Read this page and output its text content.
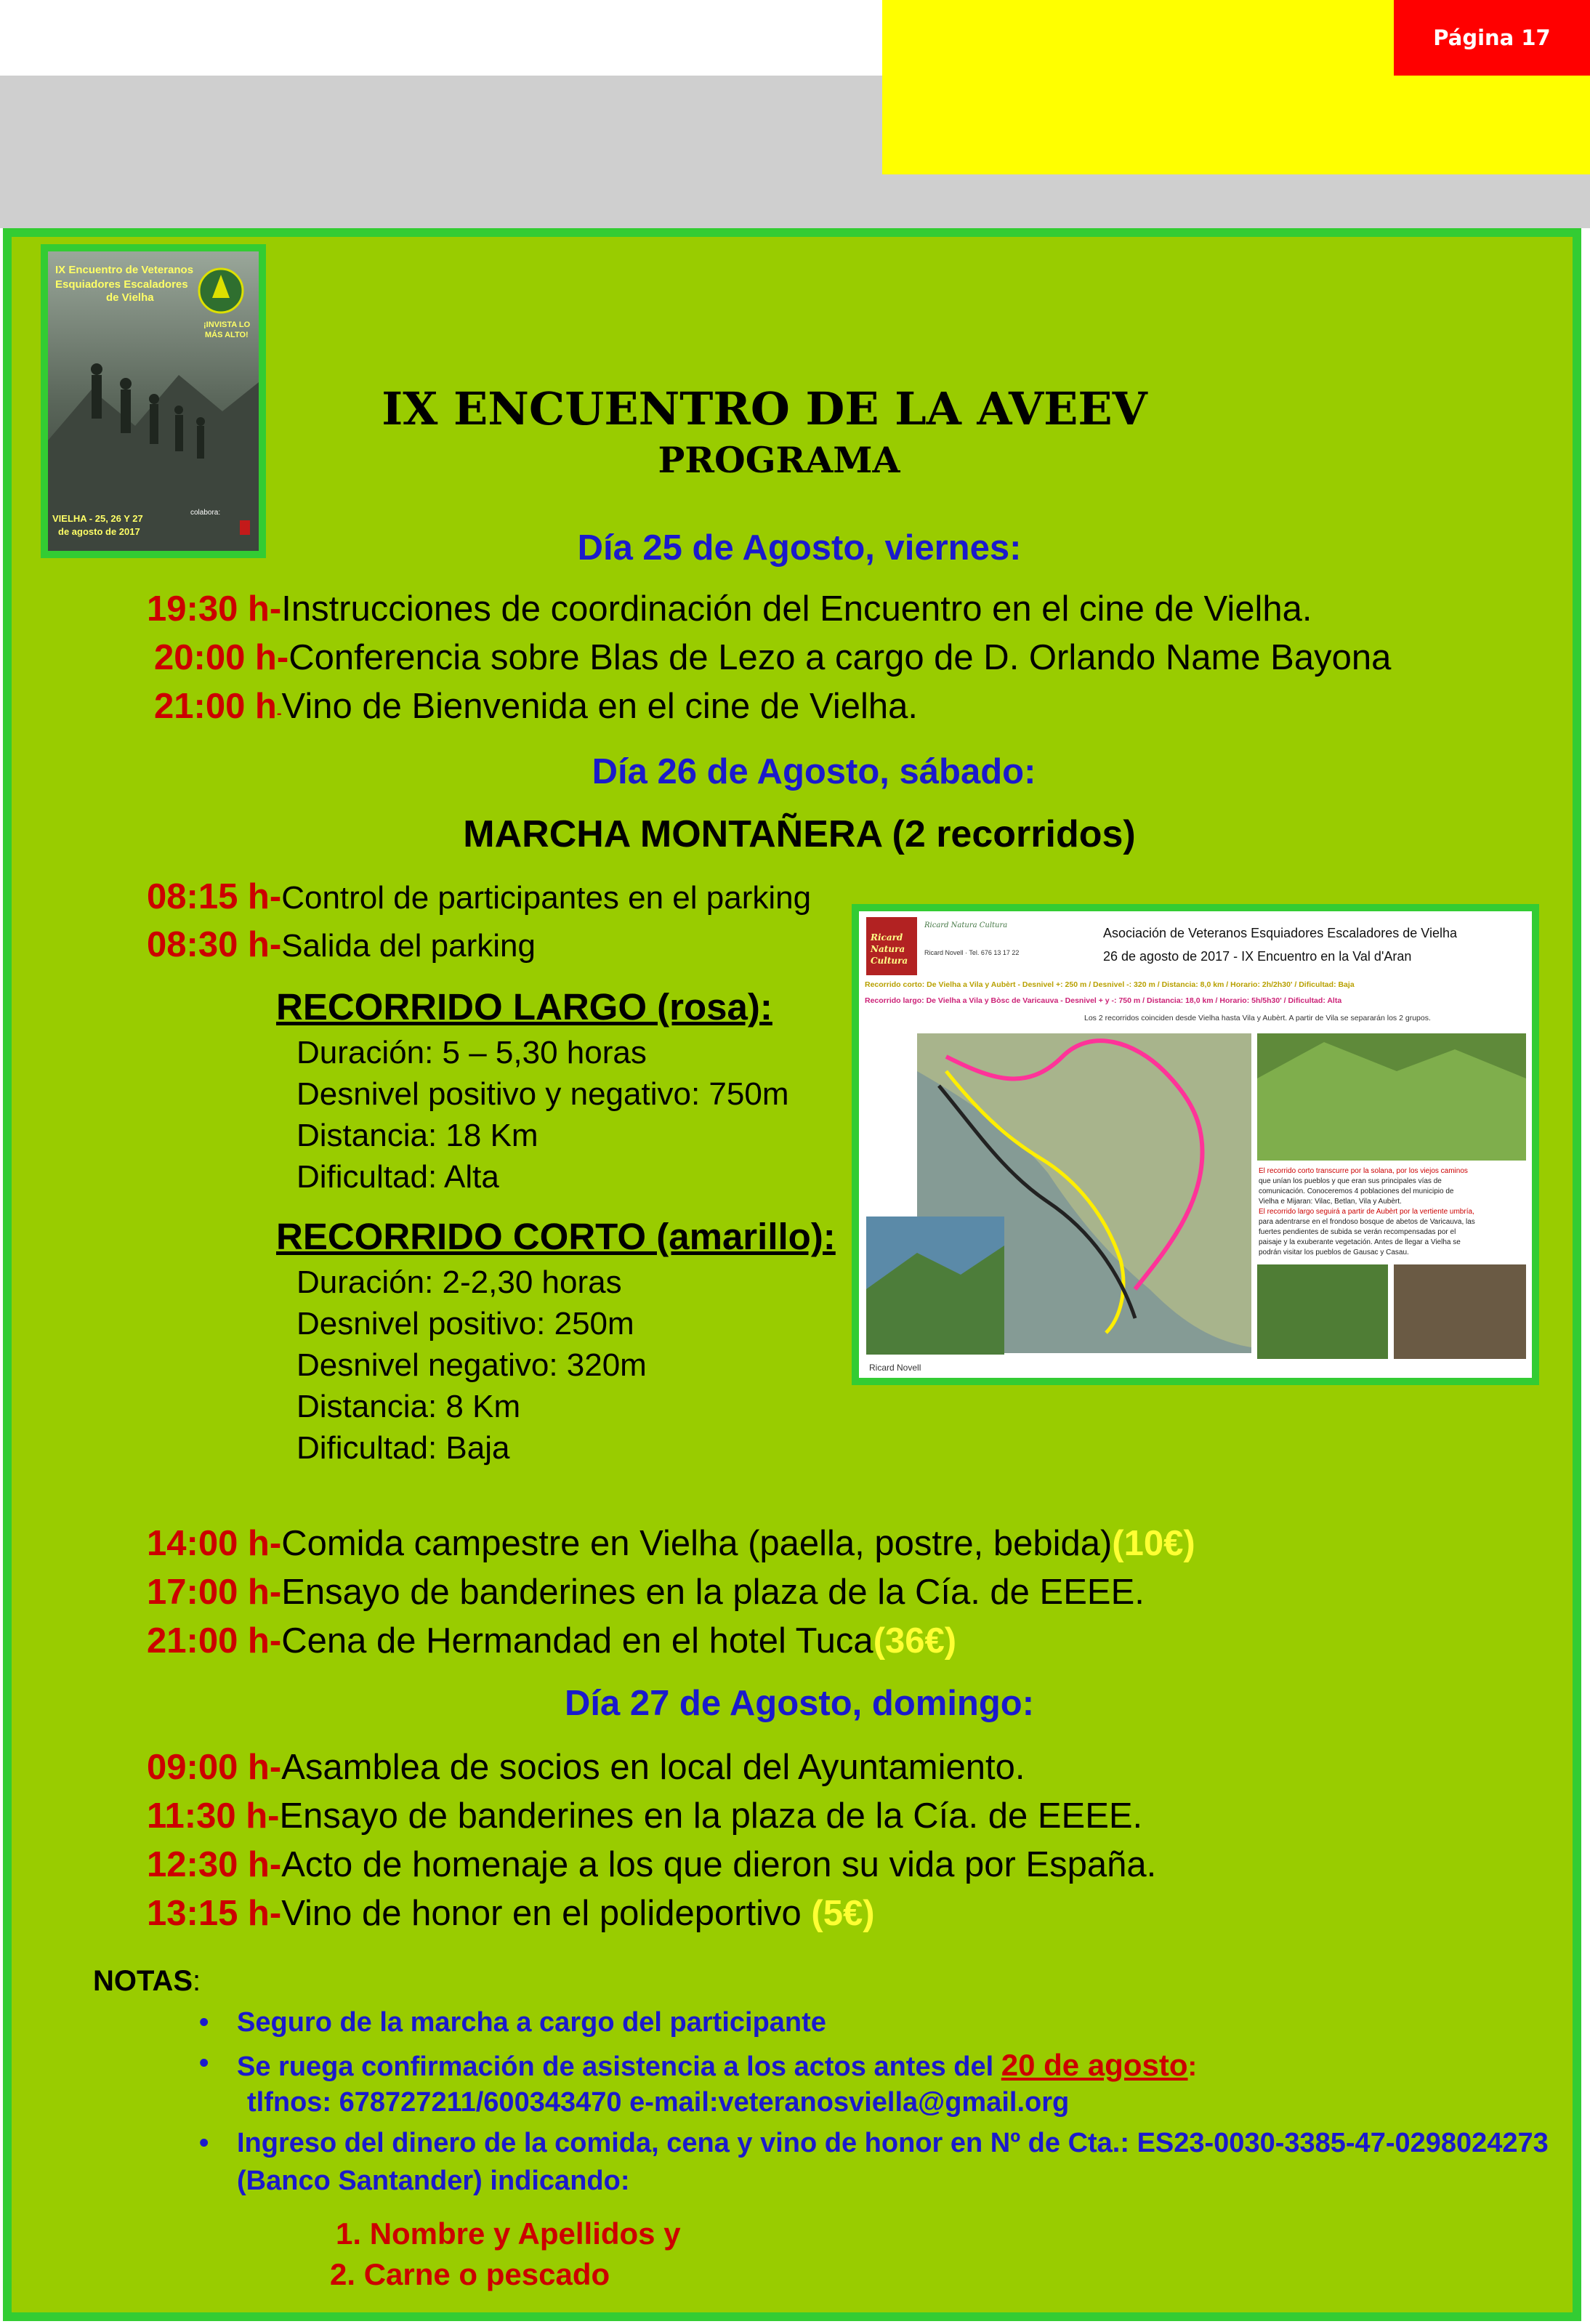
Página 17
IX Encuentro de Veteranos
Esquiadores Escaladores
de Vielha
¡INVISTA LO
MÁS ALTO!
VIELHA - 25, 26 Y 27
de agosto de 2017
colabora:
IX ENCUENTRO DE LA AVEEV
PROGRAMA
Día 25 de Agosto, viernes:
19:30 h-Instrucciones de coordinación del Encuentro en el cine de Vielha.
20:00 h-Conferencia sobre Blas de Lezo a cargo de D. Orlando Name Bayona
21:00 h-Vino de Bienvenida en el cine de Vielha.
Día 26 de Agosto, sábado:
MARCHA MONTAÑERA (2 recorridos)
08:15 h-Control de participantes en el parking
08:30 h-Salida del parking
RECORRIDO LARGO (rosa):
Duración: 5 – 5,30 horas
Desnivel positivo y negativo: 750m
Distancia: 18 Km
Dificultad: Alta
RECORRIDO CORTO (amarillo):
Duración: 2-2,30 horas
Desnivel positivo: 250m
Desnivel negativo: 320m
Distancia: 8 Km
Dificultad: Baja
Ricard
Natura
Cultura
Ricard Natura Cultura
Ricard Novell · Tel. 676 13 17 22
Asociación de Veteranos Esquiadores Escaladores de Vielha
26 de agosto de 2017 - IX Encuentro en la Val d'Aran
Recorrido corto: De Vielha a Vila y Aubèrt - Desnivel +: 250 m / Desnivel -: 320 m / Distancia: 8,0 km / Horario: 2h/2h30' / Dificultad: Baja
Recorrido largo: De Vielha a Vila y Bòsc de Varicauva - Desnivel + y -: 750 m / Distancia: 18,0 km / Horario: 5h/5h30' / Dificultad: Alta
Los 2 recorridos coinciden desde Vielha hasta Vila y Aubèrt. A partir de Vila se separarán los 2 grupos.
El recorrido corto transcurre por la solana, por los viejos caminos
que unían los pueblos y que eran sus principales vías de
comunicación. Conoceremos 4 poblaciones del municipio de
Vielha e Mijaran: Vilac, Betlan, Vila y Aubèrt.
El recorrido largo seguirá a partir de Aubèrt por la vertiente umbría,
para adentrarse en el frondoso bosque de abetos de Varicauva, las
fuertes pendientes de subida se verán recompensadas por el
paisaje y la exuberante vegetación. Antes de llegar a Vielha se
podrán visitar los pueblos de Gausac y Casau.
Ricard Novell
14:00 h-Comida campestre en Vielha (paella, postre, bebida)(10€)
17:00 h-Ensayo de banderines en la plaza de la Cía. de EEEE.
21:00 h-Cena de Hermandad en el hotel Tuca(36€)
Día 27 de Agosto, domingo:
09:00 h-Asamblea de socios en local del Ayuntamiento.
11:30 h-Ensayo de banderines en la plaza de la Cía. de EEEE.
12:30 h-Acto de homenaje a los que dieron su vida por España.
13:15 h-Vino de honor en el polideportivo (5€)
NOTAS:
• Seguro de la marcha a cargo del participante
• Se ruega confirmación de asistencia a los actos antes del 20 de agosto:
tlfnos: 678727211/600343470 e-mail:veteranosviella@gmail.org
• Ingreso del dinero de la comida, cena y vino de honor en Nº de Cta.: ES23-0030-3385-47-0298024273
(Banco Santander) indicando:
1. Nombre y Apellidos y
2. Carne o pescado
